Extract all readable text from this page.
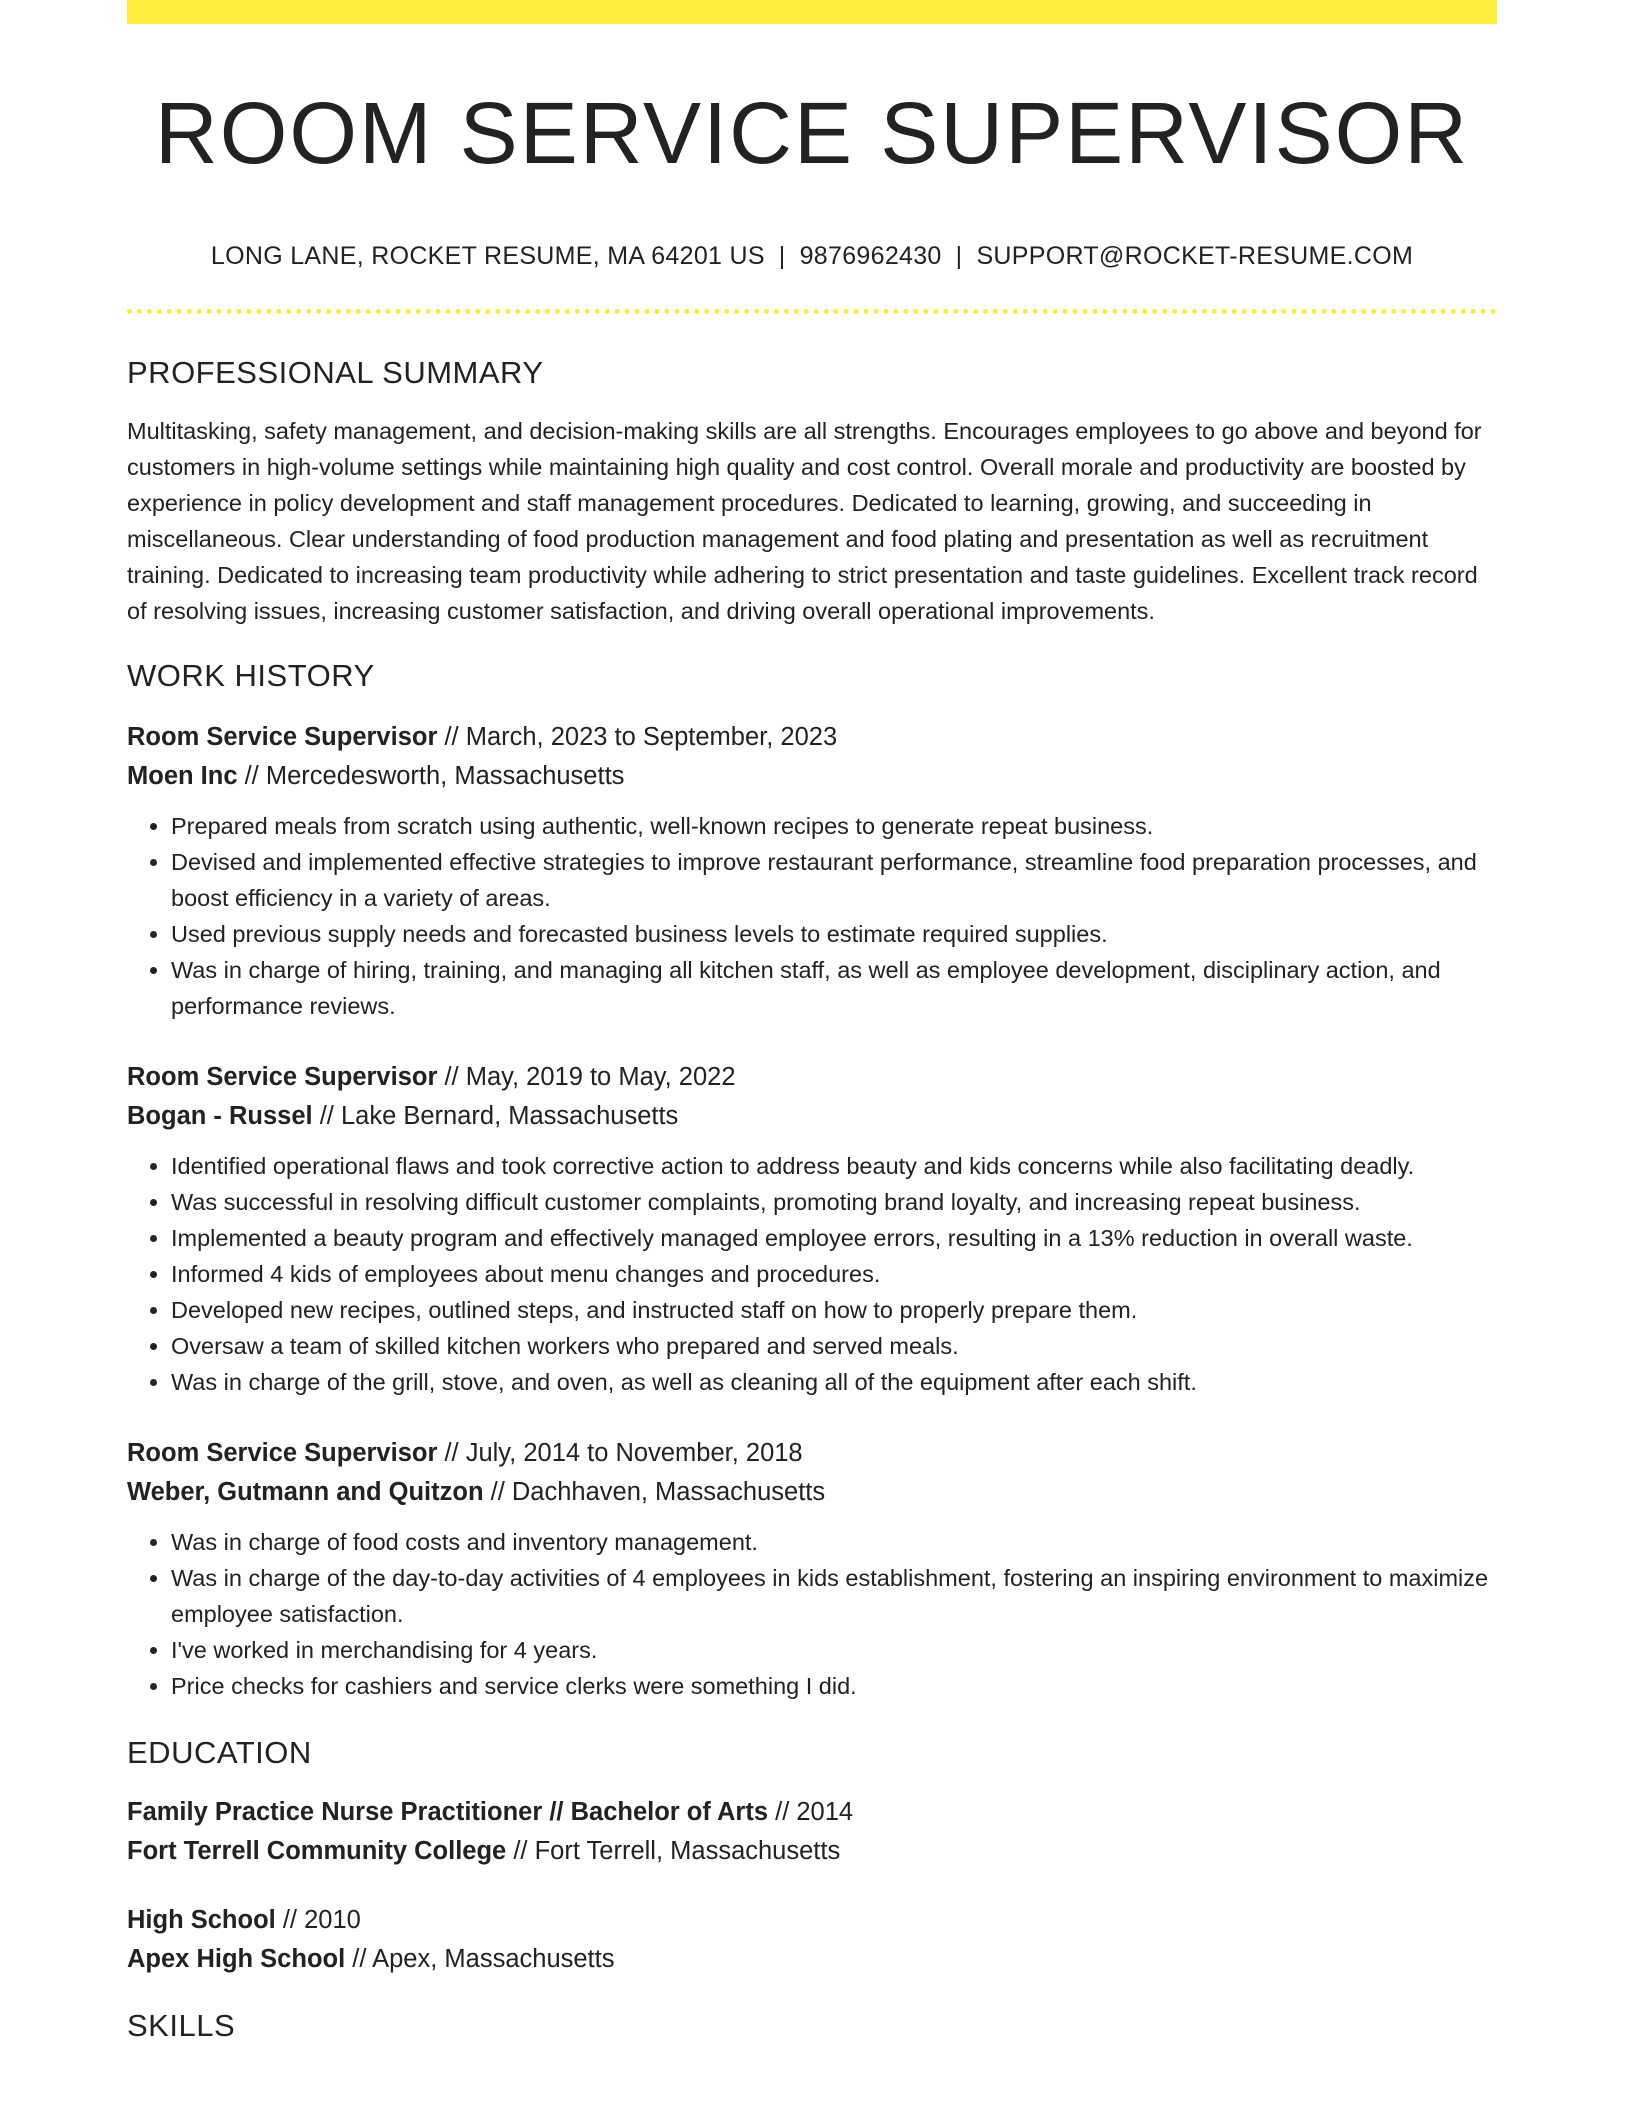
ROOM SERVICE SUPERVISOR
LONG LANE, ROCKET RESUME, MA 64201 US | 9876962430 | SUPPORT@ROCKET-RESUME.COM
PROFESSIONAL SUMMARY

Multitasking, safety management, and decision-making skills are all strengths. Encourages employees to go above and beyond for customers in high-volume settings while maintaining high quality and cost control. Overall morale and productivity are boosted by experience in policy development and staff management procedures. Dedicated to learning, growing, and succeeding in miscellaneous. Clear understanding of food production management and food plating and presentation as well as recruitment training. Dedicated to increasing team productivity while adhering to strict presentation and taste guidelines. Excellent track record of resolving issues, increasing customer satisfaction, and driving overall operational improvements.

WORK HISTORY
Room Service Supervisor // March, 2023 to September, 2023
Moen Inc // Mercedesworth, Massachusetts
• Prepared meals from scratch using authentic, well-known recipes to generate repeat business.
• Devised and implemented effective strategies to improve restaurant performance, streamline food preparation processes, and boost efficiency in a variety of areas.
• Used previous supply needs and forecasted business levels to estimate required supplies.
• Was in charge of hiring, training, and managing all kitchen staff, as well as employee development, disciplinary action, and performance reviews.
Room Service Supervisor // May, 2019 to May, 2022
Bogan - Russel // Lake Bernard, Massachusetts
• Identified operational flaws and took corrective action to address beauty and kids concerns while also facilitating deadly.
• Was successful in resolving difficult customer complaints, promoting brand loyalty, and increasing repeat business.
• Implemented a beauty program and effectively managed employee errors, resulting in a 13% reduction in overall waste.
• Informed 4 kids of employees about menu changes and procedures.
• Developed new recipes, outlined steps, and instructed staff on how to properly prepare them.
• Oversaw a team of skilled kitchen workers who prepared and served meals.
• Was in charge of the grill, stove, and oven, as well as cleaning all of the equipment after each shift.
Room Service Supervisor // July, 2014 to November, 2018
Weber, Gutmann and Quitzon // Dachhaven, Massachusetts
• Was in charge of food costs and inventory management.
• Was in charge of the day-to-day activities of 4 employees in kids establishment, fostering an inspiring environment to maximize employee satisfaction.
• I've worked in merchandising for 4 years.
• Price checks for cashiers and service clerks were something I did.
EDUCATION
Family Practice Nurse Practitioner // Bachelor of Arts // 2014
Fort Terrell Community College // Fort Terrell, Massachusetts
High School // 2010
Apex High School // Apex, Massachusetts
SKILLS
